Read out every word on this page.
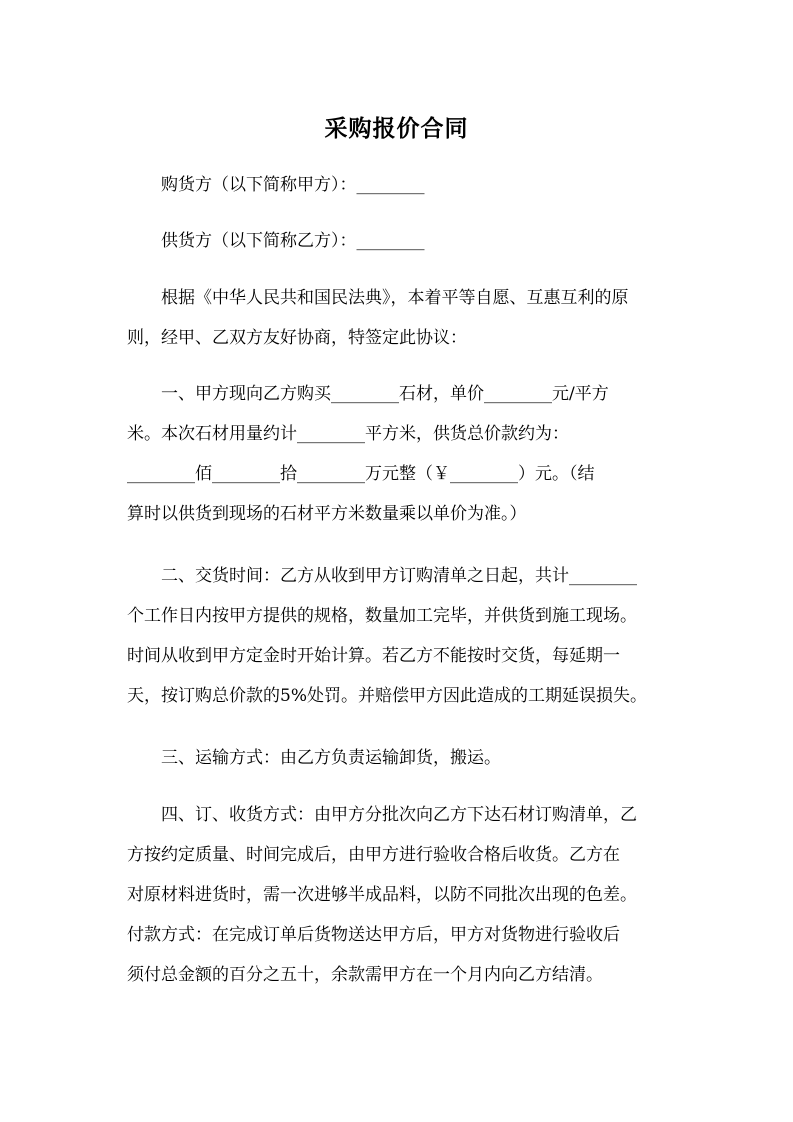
采购报价合同
购货方（以下简称甲方）：________
供货方（以下简称乙方）：________
根据《中华人民共和国民法典》，本着平等自愿、互惠互利的原
则，经甲、乙双方友好协商，特签定此协议：
一、甲方现向乙方购买________石材，单价________元/平方
米。本次石材用量约计________平方米，供货总价款约为：
________佰________拾________万元整（￥________）元。（结
算时以供货到现场的石材平方米数量乘以单价为准。）
二、交货时间：乙方从收到甲方订购清单之日起，共计________
个工作日内按甲方提供的规格，数量加工完毕，并供货到施工现场。
时间从收到甲方定金时开始计算。若乙方不能按时交货，每延期一
天，按订购总价款的5%处罚。并赔偿甲方因此造成的工期延误损失。
三、运输方式：由乙方负责运输卸货，搬运。
四、订、收货方式：由甲方分批次向乙方下达石材订购清单，乙
方按约定质量、时间完成后，由甲方进行验收合格后收货。乙方在
对原材料进货时，需一次进够半成品料，以防不同批次出现的色差。
付款方式：在完成订单后货物送达甲方后，甲方对货物进行验收后
须付总金额的百分之五十，余款需甲方在一个月内向乙方结清。
